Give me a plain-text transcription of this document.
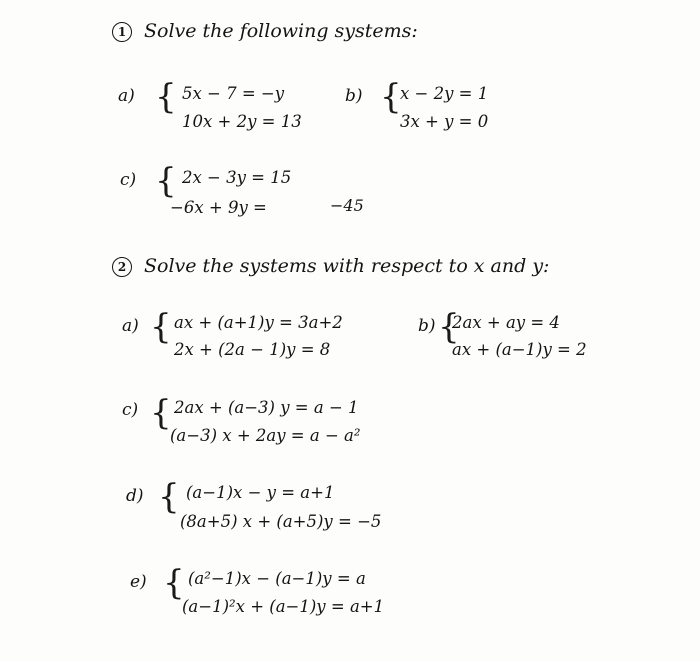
1 Solve the following systems:
a) { 5x − 7 = −y
10x + 2y = 13
b) {
x − 2y = 1
3x + y = 0
c) { 2x − 3y = 15
−6x + 9y =	−45
2 Solve the systems with respect to x and y:
a) { ax + (a+1)y = 3a+2
2x + (2a − 1)y = 8
b) {
2ax + ay = 4
ax + (a−1)y = 2
c) { 2ax + (a−3) y = a − 1
(a−3) x + 2ay = a − a²
d) { (a−1)x − y = a+1
(8a+5) x + (a+5)y = −5
e) { (a²−1)x − (a−1)y = a
(a−1)²x + (a−1)y = a+1
